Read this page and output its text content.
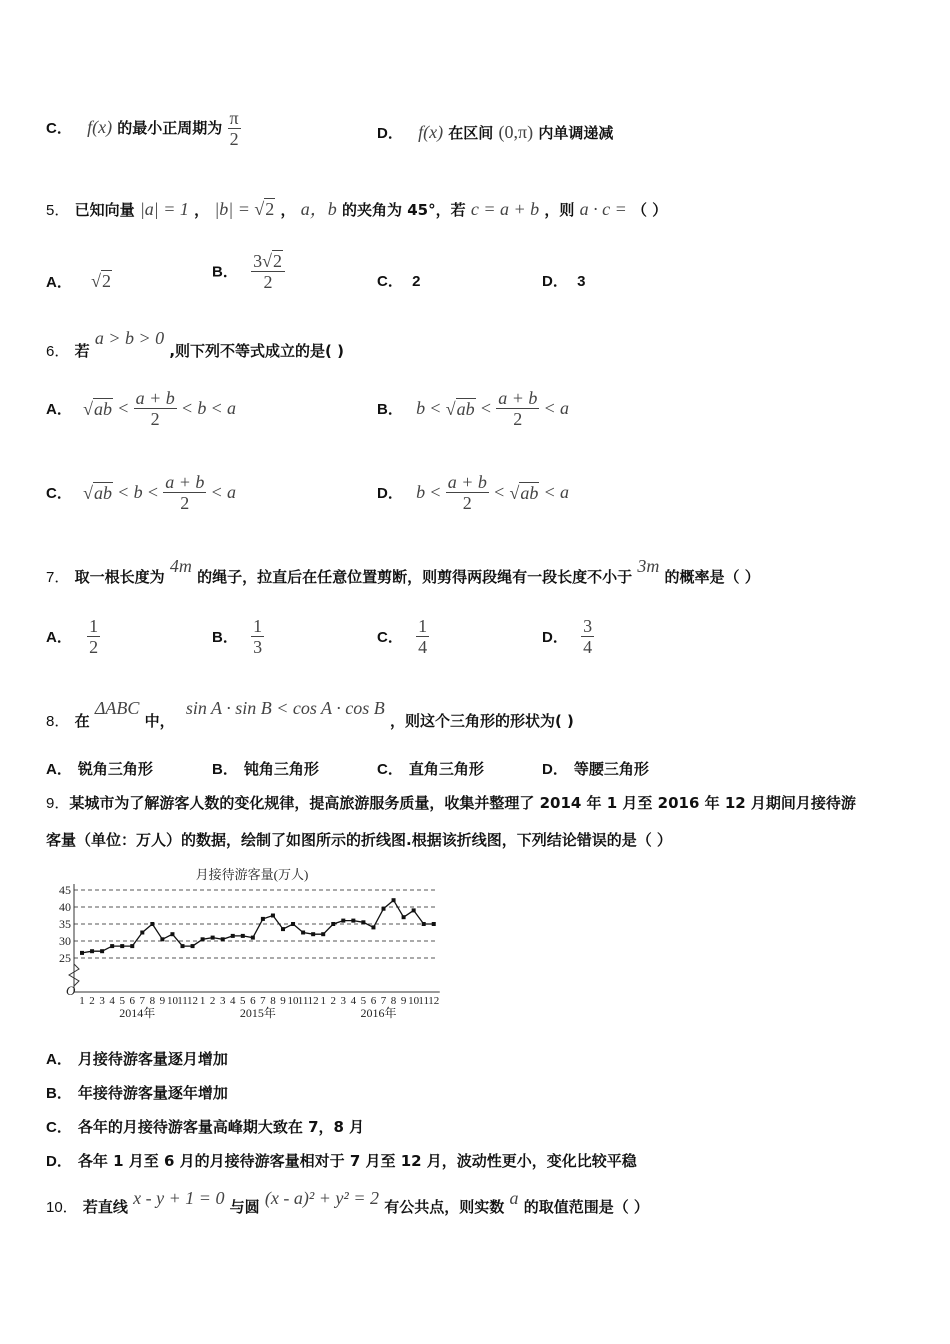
C． f(x) 的最小正周期为 $\frac{\pi}{2}$	D． f(x) 在区间 (0,π) 内单调递减
5． 已知向量 |a| = 1 ， |b| = √2 ， a，b 的夹角为 45°，若 c = a + b ，则 a · c = （ ）
A． √2	B． $\frac{3√2}{2}$	C． 2	D． 3
6． 若 a > b > 0 ,则下列不等式成立的是( )
A． $√ab < \frac{a + b}{2} < b < a$	B． $b < √ab < \frac{a + b}{2} < a$
C． $√ab < b < \frac{a + b}{2} < a$	D． $b < \frac{a + b}{2} < √ab < a$
7． 取一根长度为 4m 的绳子，拉直后在任意位置剪断，则剪得两段绳有一段长度不小于 3m 的概率是（ ）
A． $\frac{1}{2}$	B． $\frac{1}{3}$	C． $\frac{1}{4}$	D． $\frac{3}{4}$
8． 在 ΔABC 中， sin A · sin B < cos A · cos B ，则这个三角形的形状为( )
A． 锐角三角形	B． 钝角三角形	C． 直角三角形	D． 等腰三角形
9．某城市为了解游客人数的变化规律，提高旅游服务质量，收集并整理了 2014 年 1 月至 2016 年 12 月期间月接待游
客量（单位：万人）的数据，绘制了如图所示的折线图.根据该折线图，下列结论错误的是（ ）
月接待游客量(万人)
25
30
35
40
45
1 2 3 4 5 6 7 8 9 10 11 12 1 2 3 4 5 6 7 8 9 10 11 12 1 2 3 4 5 6 7 8 9 10 11 12
2014年	2015年	2016年
O
A． 月接待游客量逐月增加
B． 年接待游客量逐年增加
C． 各年的月接待游客量高峰期大致在 7，8 月
D． 各年 1 月至 6 月的月接待游客量相对于 7 月至 12 月，波动性更小，变化比较平稳
10． 若直线 x - y + 1 = 0 与圆 (x - a)² + y² = 2 有公共点，则实数 a 的取值范围是（ ）
